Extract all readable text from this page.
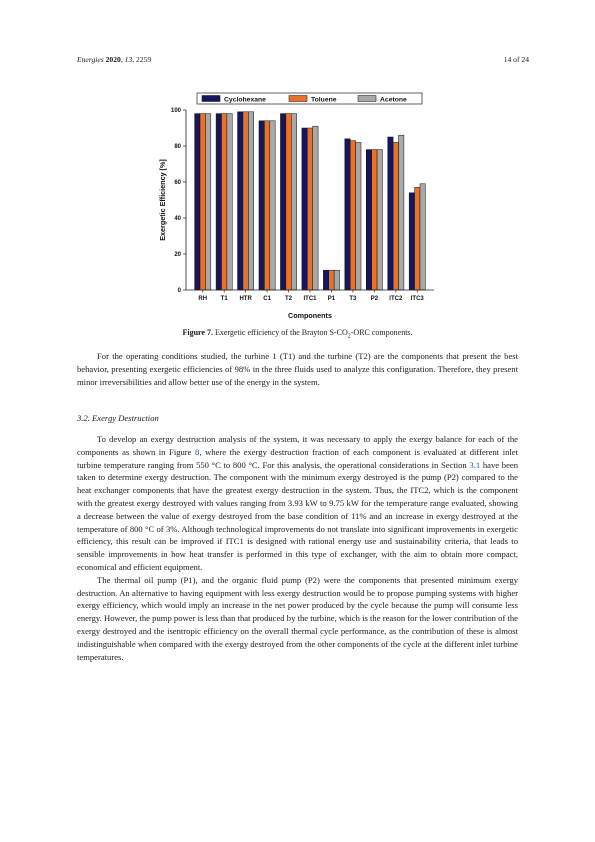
Energies 2020, 13, 2259	14 of 24
Cyclohexane	Toluene	Acetone
0
20
40
60
80
100
RH T1 HTR C1 T2 ITC1 P1 T3 P2 ITC2 ITC3
Exergetic Efficiency [%]
Components
Figure 7. Exergetic efficiency of the Brayton $S-CO_2$-ORC components.

For the operating conditions studied, the turbine 1 (T1) and the turbine (T2) are the components that present the best behavior, presenting exergetic efficiencies of 98% in the three fluids used to analyze this configuration. Therefore, they present minor irreversibilities and allow better use of the energy in the system.

3.2. Exergy Destruction

To develop an exergy destruction analysis of the system, it was necessary to apply the exergy balance for each of the components as shown in Figure 8, where the exergy destruction fraction of each component is evaluated at different inlet turbine temperature ranging from 550 °C to 800 °C. For this analysis, the operational considerations in Section 3.1 have been taken to determine exergy destruction. The component with the minimum exergy destroyed is the pump (P2) compared to the heat exchanger components that have the greatest exergy destruction in the system. Thus, the ITC2, which is the component with the greatest exergy destroyed with values ranging from 3.93 kW to 9.75 kW for the temperature range evaluated, showing a decrease between the value of exergy destroyed from the base condition of 11% and an increase in exergy destroyed at the temperature of 800 °C of 3%. Although technological improvements do not translate into significant improvements in exergetic efficiency, this result can be improved if ITC1 is designed with rational energy use and sustainability criteria, that leads to sensible improvements in how heat transfer is performed in this type of exchanger, with the aim to obtain more compact, economical and efficient equipment.

The thermal oil pump (P1), and the organic fluid pump (P2) were the components that presented minimum exergy destruction. An alternative to having equipment with less exergy destruction would be to propose pumping systems with higher exergy efficiency, which would imply an increase in the net power produced by the cycle because the pump will consume less energy. However, the pump power is less than that produced by the turbine, which is the reason for the lower contribution of the exergy destroyed and the isentropic efficiency on the overall thermal cycle performance, as the contribution of these is almost indistinguishable when compared with the exergy destroyed from the other components of the cycle at the different inlet turbine temperatures.
